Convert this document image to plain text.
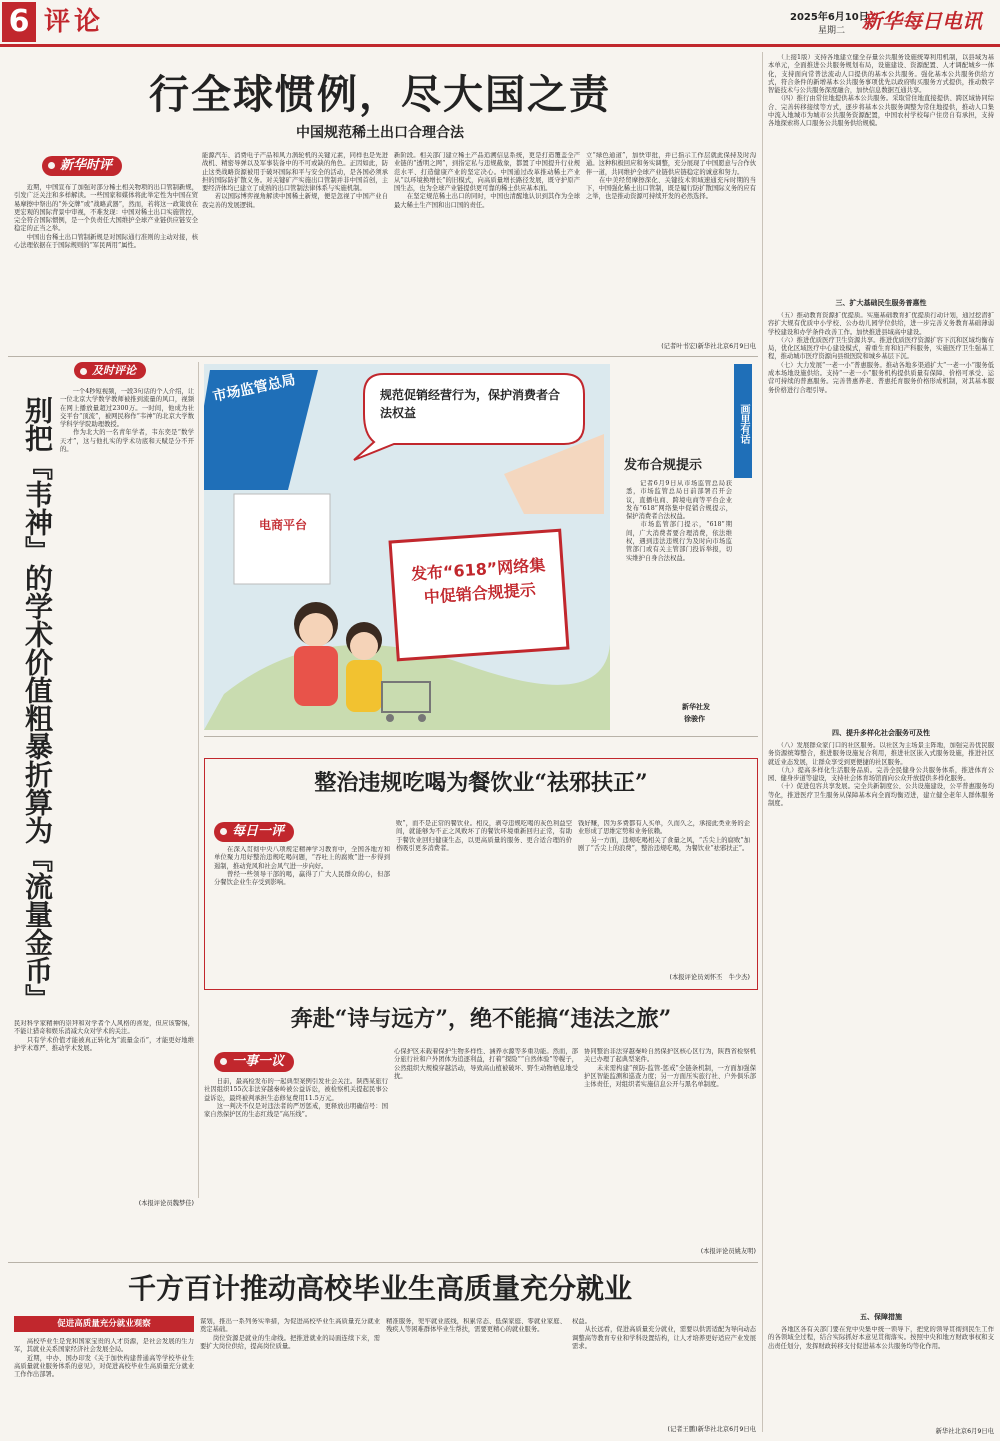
6 评论	2025年6月10日
星期二 新华每日电讯
行全球惯例，尽大国之责
中国规范稀土出口合理合法
新华时评
　　近期，中国宣布了加强对部分稀土相关物项的出口管制新规，引发广泛关注和多样解读。一些国家和媒体将此举定性为中国在贸易摩擦中祭出的“外交牌”或“战略武器”，然而，若将这一政策放在更宏观的国际背景中审视，不难发现：中国对稀土出口实施管控，完全符合国际惯例，是一个负责任大国维护全球产业链供应链安全稳定的正当之举。
　　中国出台稀土出口管制新规是对国际通行准则的主动对接，核心法理依据在于国际规则的“军民两用”属性。
能源汽车、消费电子产品和风力涡轮机的关键元素，同样也是先进战机、精密导弹以及军事装备中的不可或缺的角色。正因如此，防止这类战略资源被用于破坏国际和平与安全的活动，是各国必须承担的国际防扩散义务。对关键矿产实施出口管制并非中国首创，主要经济体均已建立了成熟的出口管制法律体系与实施机制。
　　若以国际博弈视角解读中国稀土新规，便是忽视了中国产业自我完善的发展逻辑。
新阶段。相关部门建立稀土产品追溯信息系统，更是打造覆盖全产业链的“透明之网”，到指定私与违规截象，都置了中国提升行业规范水平、打造健康产业的坚定决心。中国通过改革推动稀土产业从“以环境换增长”的旧模式，向高质量增长路径发展，既守护原产国生态，也为全球产业链提供更可靠的稀土供应基本面。
　　在坚定规范稀土出口的同时，中国也清醒地认识到其作为全球最大稀土生产国和出口国的责任。
立“绿色通道”，加快审批，并已指示工作层就此保持及时沟通。这种积极回应和务实调整，充分展现了中国愿意与合作伙伴一道，共同维护全球产业链供应链稳定的诚意和努力。
　　在中美经贸摩擦深化、关键技术领域速通充斥时期的当下，中国强化稀土出口管制，既是履行防扩散国际义务的应有之举，也是推动资源可持续开发的必然选择。
(记者叶书宏)新华社北京6月9日电
及时评论
别把『韦神』的学术价值粗暴折算为『流量金币』
　　一个4秒短视频，一段3句话的个人介绍，让一位北京大学数学教师被推到流量的风口，视频在网上播放量超过2300万。一时间，他成为社交平台“顶流”，被网民称作“韦神”的北京大学数学科学学院助理教授。
　　作为北大的一名青年学者，韦东奕是“数学天才”，这与他扎实的学术功底和天赋是分不开的。
民对科学家精神的崇拜和对学者个人风格的喜爱，但应该警惕，不能让猎奇和娱乐消减大众对学术的关注。
　　只有学术价值才能被真正转化为“流量金币”，才能更好地维护学术尊严、推动学术发展。
(本报评论员魏梦佳)
市场监管总局	规范促销经营行为，保护消费者合法权益
电商平台
发布“618”网络集中促销合规提示
画里有话
发布合规提示
　　记者6月9日从市场监管总局获悉，市场监管总局日前部署召开会议，直播电商、跨境电商等平台企业发布“618”网络集中促销合规提示，保护消费者合法权益。
　　市场监管部门提示，“618”期间，广大消费者要合理消费，依法维权，遇到违法违规行为及时向市场监管部门或有关主管部门投诉举报，切实维护自身合法权益。
新华社发
徐骏作
整治违规吃喝为餐饮业“祛邪扶正”
每日一评
　　在深入贯彻中央八项规定精神学习教育中，全国各地方和单位聚力用好整治违规吃喝问题，“吞吐上的腐败”进一步得到遏制，推动党风和社会风气进一步向好。
　　曾经一些领导干部的喝，赢得了广大人民群众的心，但部分餐饮企业生存受到影响。
败”，而不是正常的餐饮业。相反，剥夺违规吃喝的灰色利益空间，就能够为不正之风败坏了的餐饮环境重新回归正常，有助于餐饮业回归健康生态，以更高质量的服务、更合适合理的价格吸引更多消费者。
钱好赚，因为多费都有人买单，久而久之，承接此类业务的企业形成了思维定势和业务依赖。
　　另一方面，违规吃喝相关了食量之风，“舌尖上的腐败”加剧了“舌尖上的浪费”，整治违规吃喝，为餐饮业“祛邪扶正”。
(本报评论员刘怀丕　牛少杰)
奔赴“诗与远方”，绝不能搞“违法之旅”
一事一议
　　日前，最高检发布的一起典型案例引发社会关注。陕西某旅行社因组织155次非法穿越秦岭被公益诉讼，被检察机关提起民事公益诉讼，最终被判承担生态修复费用11.5万元。
　　这一判决不仅是对违法者的严厉惩戒，更释放出明确信号：国家自然保护区的生态红线是“高压线”。
心保护区未载着保护生物多样性、涵养水源等多重功能。然而，部分旅行社和户外团体为追逐利益，打着“探险”“自然体验”等幌子，公然组织大规模穿越活动，导致高山植被破坏、野生动物栖息地受扰。
协同整治非法穿越秦岭自然保护区核心区行为，陕西省检察机关已办理了起典型案件。
　　未来需构建“预防-监管-惩戒”全链条机制，一方面加强保护区智能监测和巡查力度；另一方面压实旅行社、户外俱乐部主体责任，对组织者实施信息公开与黑名单制度。
(本报评论员姚友明)
千方百计推动高校毕业生高质量充分就业
促进高质量充分就业观察
　　高校毕业生是党和国家宝贵的人才资源，是社会发展的生力军，其就业关系国家经济社会发展全局。
　　近期，中办、国办印发《关于加快构建普通高等学校毕业生高质量就业服务体系的意见》，对促进高校毕业生高质量充分就业工作作出部署。
谋划，推出一系列务实举措，为促进高校毕业生高质量充分就业奠定基础。
　　岗位资源是就业的生命线。把推进就业的局面连续下来，需要扩大岗位供给，提高岗位质量。
精准服务，兜牢就业底线，积累常态、低保家庭、零就业家庭、残疾人等困难群体毕业生帮扶，需要更精心的就业服务。
权益。
　　从长远看，促进高质量充分就业，需要以供需适配为导向动态调整高等教育专业和学科设置结构，让人才培养更好适应产业发展需求。
(记者王鹏)新华社北京6月9日电
　　（上接1版）支持各地建立健全存量公共服务设施统筹利用机制，以县域为基本单元，全面推进公共服务规划布局，设施建设、资源配置、人才调配城乡一体化，支持面向常普法流动人口提供的基本公共服务。强化基本公共服务供给方式，符合条件的新增基本公共服务事项优先以政府购买服务方式提供，推动数字智能技术与公共服务深度融合，加快信息数据互通共享。
　　（四）推行由常住地提供基本公共服务。采取常住地直接提供、跨区域协同综合、完善转移接续等方式，逐步将基本公共服务调整为常住地提供，推动人口集中流入地城市为城市公共服务资源配置，中国农村学校每户住房自有承担，支持各地探索将人口服务公共服务供给规模。
三、扩大基础民生服务普惠性
　　（五）推动教育资源扩优提质。实施基础教育扩优提质行动计划，通过挖潜扩容扩大规有优质中小学校、公办幼儿园学位供给，进一步完善义务教育基础薄弱学校建设和办学条件改善工作。加快推进县域高中建设。
　　（六）推进优质医疗卫生资源共享。推进优质医疗资源扩容下沉和区域均衡布局，优化区域医疗中心建设模式，着重生育和妇产科服务，实施医疗卫生强基工程，推动城市医疗资源向县级医院和城乡基层下沉。
　　（七）大力发展“一老一小”普惠服务。推动各地多渠道扩大“一老一小”服务低成本场地设施供给。支持“一老一小”服务机构提供质量有保障、价格可承受、运营可持续的普惠服务。完善普惠养老、普惠托育服务价格形成机制，对其基本服务价格进行合理引导。
四、提升多样化社会服务可及性
　　（八）发展群众家门口的社区服务。以社区为主场景主阵地，加强完善优民服务资源统筹整合，推进服务设施复合利用，推进社区嵌入式服务设施，推进社区就近业态发展，让群众享受到更便捷的社区服务。
　　（九）提高多样化生活服务品质。完善全民健身公共服务体系，推进体育公园、健身步道等建设，支持社会体育场馆面向公众开放提供多样化服务。
　　（十）促进包容共享发展。完全共新制度公、公共设施建设，公平普惠服务均等化，推进医疗卫生服务从保障基本向全面均衡迈进，建立健全老年人群体服务制度。
五、保障措施
　　各地区各有关部门要在党中央集中统一领导下，把党的领导贯彻到民生工作的各领域全过程，结合实际抓好本意见贯彻落实。按照中央和地方财政事权和支出责任划分，发挥财政转移支付促进基本公共服务均等化作用。
新华社北京6月9日电
